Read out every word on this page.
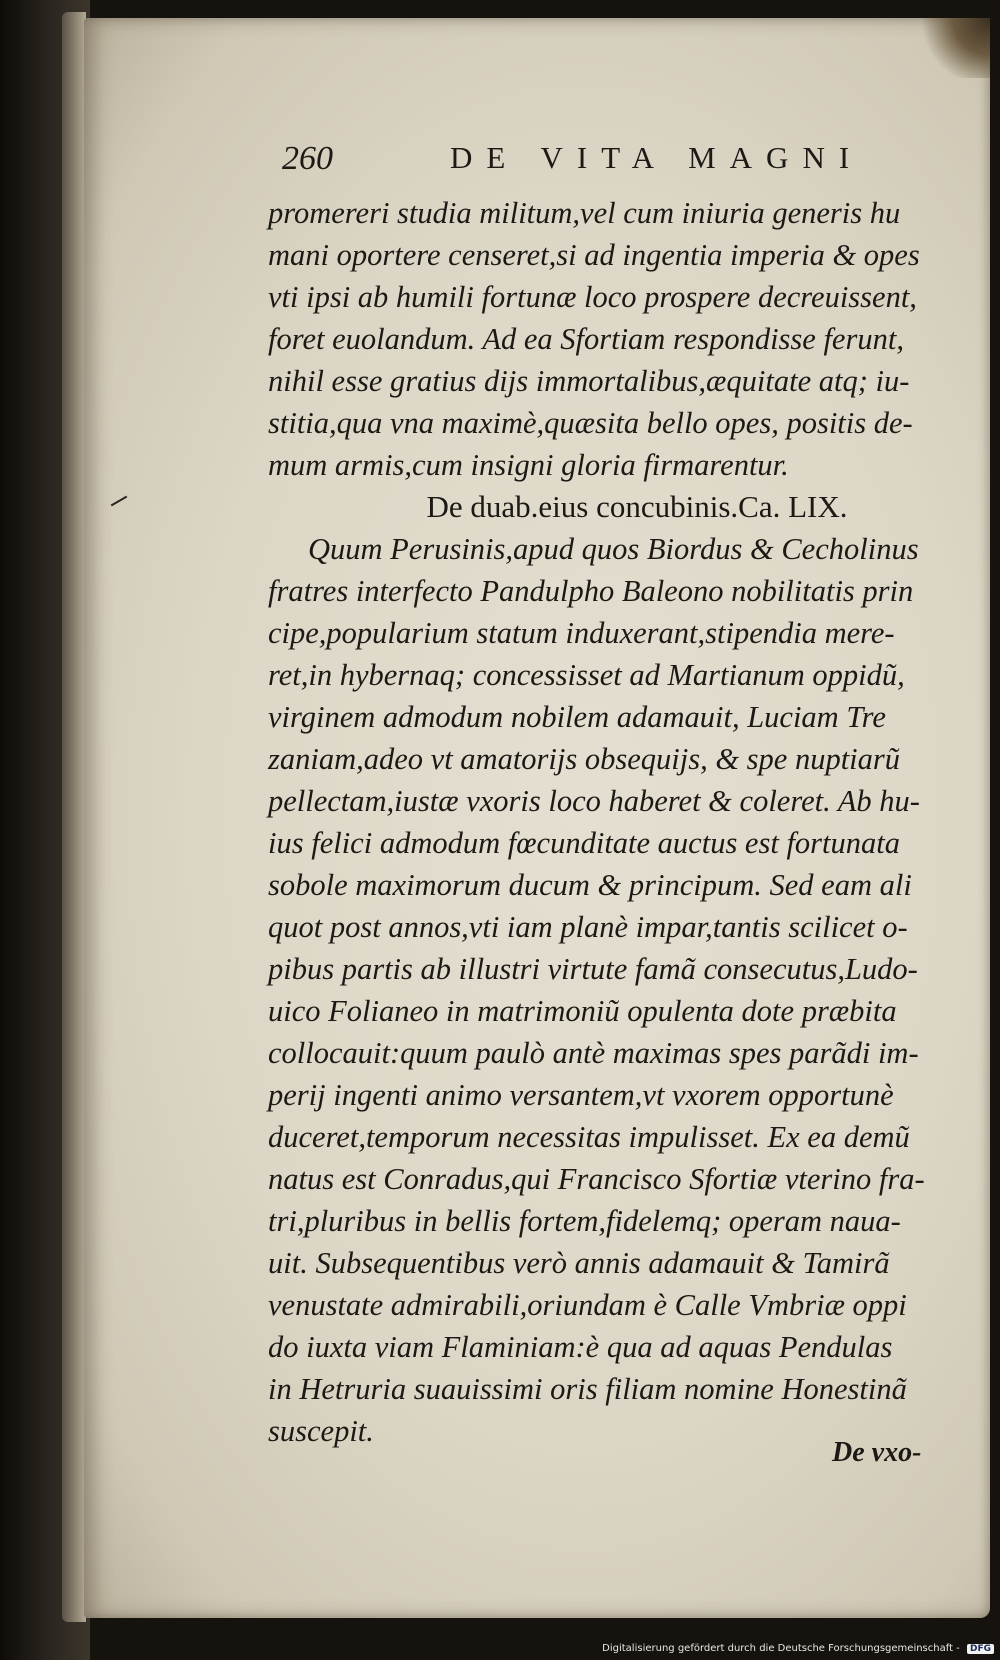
260	DE VITA MAGNI
promereri studia militum,vel cum iniuria generis hu
mani oportere censeret,si ad ingentia imperia & opes
vti ipsi ab humili fortunæ loco prospere decreuissent,
foret euolandum. Ad ea Sfortiam respondisse ferunt,
nihil esse gratius dijs immortalibus,æquitate atq; iu-
stitia,qua vna maximè,quæsita bello opes, positis de-
mum armis,cum insigni gloria firmarentur.
De duab.eius concubinis.Ca. LIX.
Quum Perusinis,apud quos Biordus & Cecholinus
fratres interfecto Pandulpho Baleono nobilitatis prin
cipe,popularium statum induxerant,stipendia mere-
ret,in hybernaq; concessisset ad Martianum oppidũ,
virginem admodum nobilem adamauit, Luciam Tre
zaniam,adeo vt amatorijs obsequijs, & spe nuptiarũ
pellectam,iustæ vxoris loco haberet & coleret. Ab hu-
ius felici admodum fœcunditate auctus est fortunata
sobole maximorum ducum & principum. Sed eam ali
quot post annos,vti iam planè impar,tantis scilicet o-
pibus partis ab illustri virtute famã consecutus,Ludo-
uico Folianeo in matrimoniũ opulenta dote præbita
collocauit:quum paulò antè maximas spes parãdi im-
perij ingenti animo versantem,vt vxorem opportunè
duceret,temporum necessitas impulisset. Ex ea demũ
natus est Conradus,qui Francisco Sfortiæ vterino fra-
tri,pluribus in bellis fortem,fidelemq; operam naua-
uit. Subsequentibus verò annis adamauit & Tamirã
venustate admirabili,oriundam è Calle Vmbriæ oppi
do iuxta viam Flaminiam:è qua ad aquas Pendulas
in Hetruria suauissimi oris filiam nomine Honestinã
suscepit.
De vxo-
Digitalisierung gefördert durch die Deutsche Forschungsgemeinschaft - DFG
